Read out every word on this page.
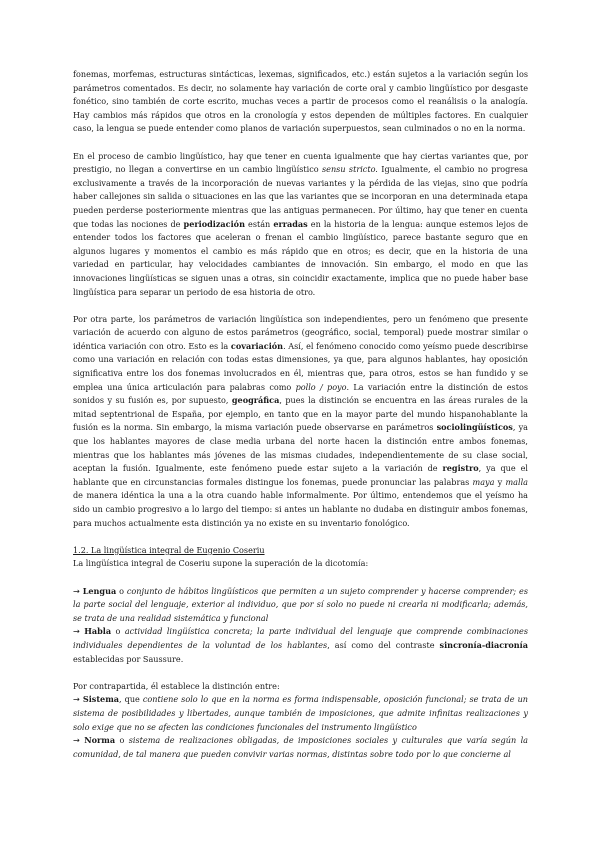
fonemas, morfemas, estructuras sintácticas, lexemas, significados, etc.) están sujetos a la variación según los parámetros comentados. Es decir, no solamente hay variación de corte oral y cambio lingüístico por desgaste fonético, sino también de corte escrito, muchas veces a partir de procesos como el reanálisis o la analogía. Hay cambios más rápidos que otros en la cronología y estos dependen de múltiples factores. En cualquier caso, la lengua se puede entender como planos de variación superpuestos, sean culminados o no en la norma.

En el proceso de cambio lingüístico, hay que tener en cuenta igualmente que hay ciertas variantes que, por prestigio, no llegan a convertirse en un cambio lingüístico sensu stricto. Igualmente, el cambio no progresa exclusivamente a través de la incorporación de nuevas variantes y la pérdida de las viejas, sino que podría haber callejones sin salida o situaciones en las que las variantes que se incorporan en una determinada etapa pueden perderse posteriormente mientras que las antiguas permanecen. Por último, hay que tener en cuenta que todas las nociones de periodización están erradas en la historia de la lengua: aunque estemos lejos de entender todos los factores que aceleran o frenan el cambio lingüístico, parece bastante seguro que en algunos lugares y momentos el cambio es más rápido que en otros; es decir, que en la historia de una variedad en particular, hay velocidades cambiantes de innovación. Sin embargo, el modo en que las innovaciones lingüísticas se siguen unas a otras, sin coincidir exactamente, implica que no puede haber base lingüística para separar un periodo de esa historia de otro.

Por otra parte, los parámetros de variación lingüística son independientes, pero un fenómeno que presente variación de acuerdo con alguno de estos parámetros (geográfico, social, temporal) puede mostrar similar o idéntica variación con otro. Esto es la covariación. Así, el fenómeno conocido como yeísmo puede describirse como una variación en relación con todas estas dimensiones, ya que, para algunos hablantes, hay oposición significativa entre los dos fonemas involucrados en él, mientras que, para otros, estos se han fundido y se emplea una única articulación para palabras como pollo / poyo. La variación entre la distinción de estos sonidos y su fusión es, por supuesto, geográfica, pues la distinción se encuentra en las áreas rurales de la mitad septentrional de España, por ejemplo, en tanto que en la mayor parte del mundo hispanohablante la fusión es la norma. Sin embargo, la misma variación puede observarse en parámetros sociolingüísticos, ya que los hablantes mayores de clase media urbana del norte hacen la distinción entre ambos fonemas, mientras que los hablantes más jóvenes de las mismas ciudades, independientemente de su clase social, aceptan la fusión. Igualmente, este fenómeno puede estar sujeto a la variación de registro, ya que el hablante que en circunstancias formales distingue los fonemas, puede pronunciar las palabras maya y malla de manera idéntica la una a la otra cuando hable informalmente. Por último, entendemos que el yeísmo ha sido un cambio progresivo a lo largo del tiempo: si antes un hablante no dudaba en distinguir ambos fonemas, para muchos actualmente esta distinción ya no existe en su inventario fonológico.

1.2. La lingüística integral de Eugenio Coseriu

La lingüística integral de Coseriu supone la superación de la dicotomía:

→ Lengua o conjunto de hábitos lingüísticos que permiten a un sujeto comprender y hacerse comprender; es la parte social del lenguaje, exterior al individuo, que por sí solo no puede ni crearla ni modificarla; además, se trata de una realidad sistemática y funcional

→ Habla o actividad lingüística concreta; la parte individual del lenguaje que comprende combinaciones individuales dependientes de la voluntad de los hablantes, así como del contraste sincronía-diacronía establecidas por Saussure.

Por contrapartida, él establece la distinción entre:

→ Sistema, que contiene solo lo que en la norma es forma indispensable, oposición funcional; se trata de un sistema de posibilidades y libertades, aunque también de imposiciones, que admite infinitas realizaciones y solo exige que no se afecten las condiciones funcionales del instrumento lingüístico

→ Norma o sistema de realizaciones obligadas, de imposiciones sociales y culturales que varía según la comunidad, de tal manera que pueden convivir varias normas, distintas sobre todo por lo que concierne al
